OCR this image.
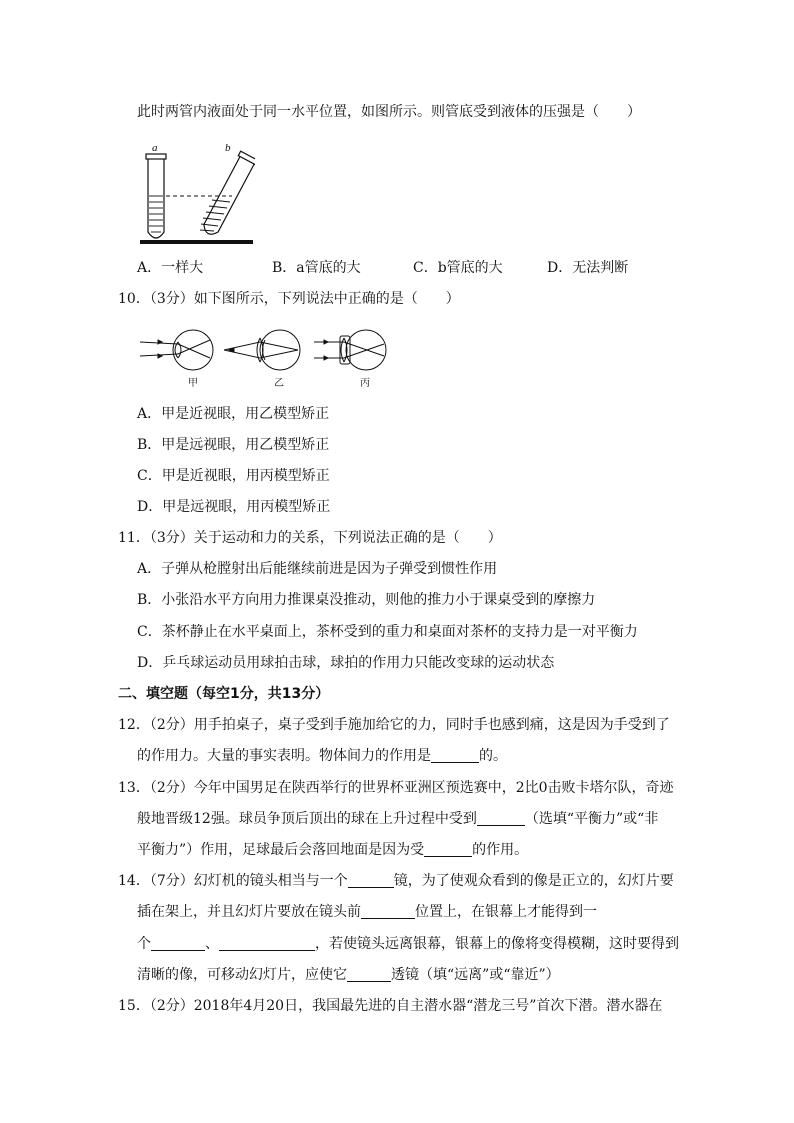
此时两管内液面处于同一水平位置，如图所示。则管底受到液体的压强是（　　）
a	b
A．一样大	B．a管底的大	C．b管底的大	D．无法判断
10．（3分）如下图所示，下列说法中正确的是（　　）
甲	乙	丙
A．甲是近视眼，用乙模型矫正
B．甲是远视眼，用乙模型矫正
C．甲是近视眼，用丙模型矫正
D．甲是远视眼，用丙模型矫正
11．（3分）关于运动和力的关系，下列说法正确的是（　　）
A．子弹从枪膛射出后能继续前进是因为子弹受到惯性作用
B．小张沿水平方向用力推课桌没推动，则他的推力小于课桌受到的摩擦力
C．茶杯静止在水平桌面上，茶杯受到的重力和桌面对茶杯的支持力是一对平衡力
D．乒乓球运动员用球拍击球，球拍的作用力只能改变球的运动状态
二、填空题（每空1分，共13分）
12．（2分）用手拍桌子，桌子受到手施加给它的力，同时手也感到痛，这是因为手受到了
的作用力。大量的事实表明。物体间力的作用是	的。
13．（2分）今年中国男足在陕西举行的世界杯亚洲区预选赛中，2比0击败卡塔尔队，奇迹
般地晋级12强。球员争顶后顶出的球在上升过程中受到	（选填“平衡力”或“非
平衡力”）作用，足球最后会落回地面是因为受	的作用。
14．（7分）幻灯机的镜头相当与一个	镜，为了使观众看到的像是正立的，幻灯片要
插在架上，并且幻灯片要放在镜头前	位置上，在银幕上才能得到一
个	、	，若使镜头远离银幕，银幕上的像将变得模糊，这时要得到
清晰的像，可移动幻灯片，应使它	透镜（填“远离”或“靠近”）
15．（2分）2018年4月20日，我国最先进的自主潜水器“潜龙三号”首次下潜。潜水器在
